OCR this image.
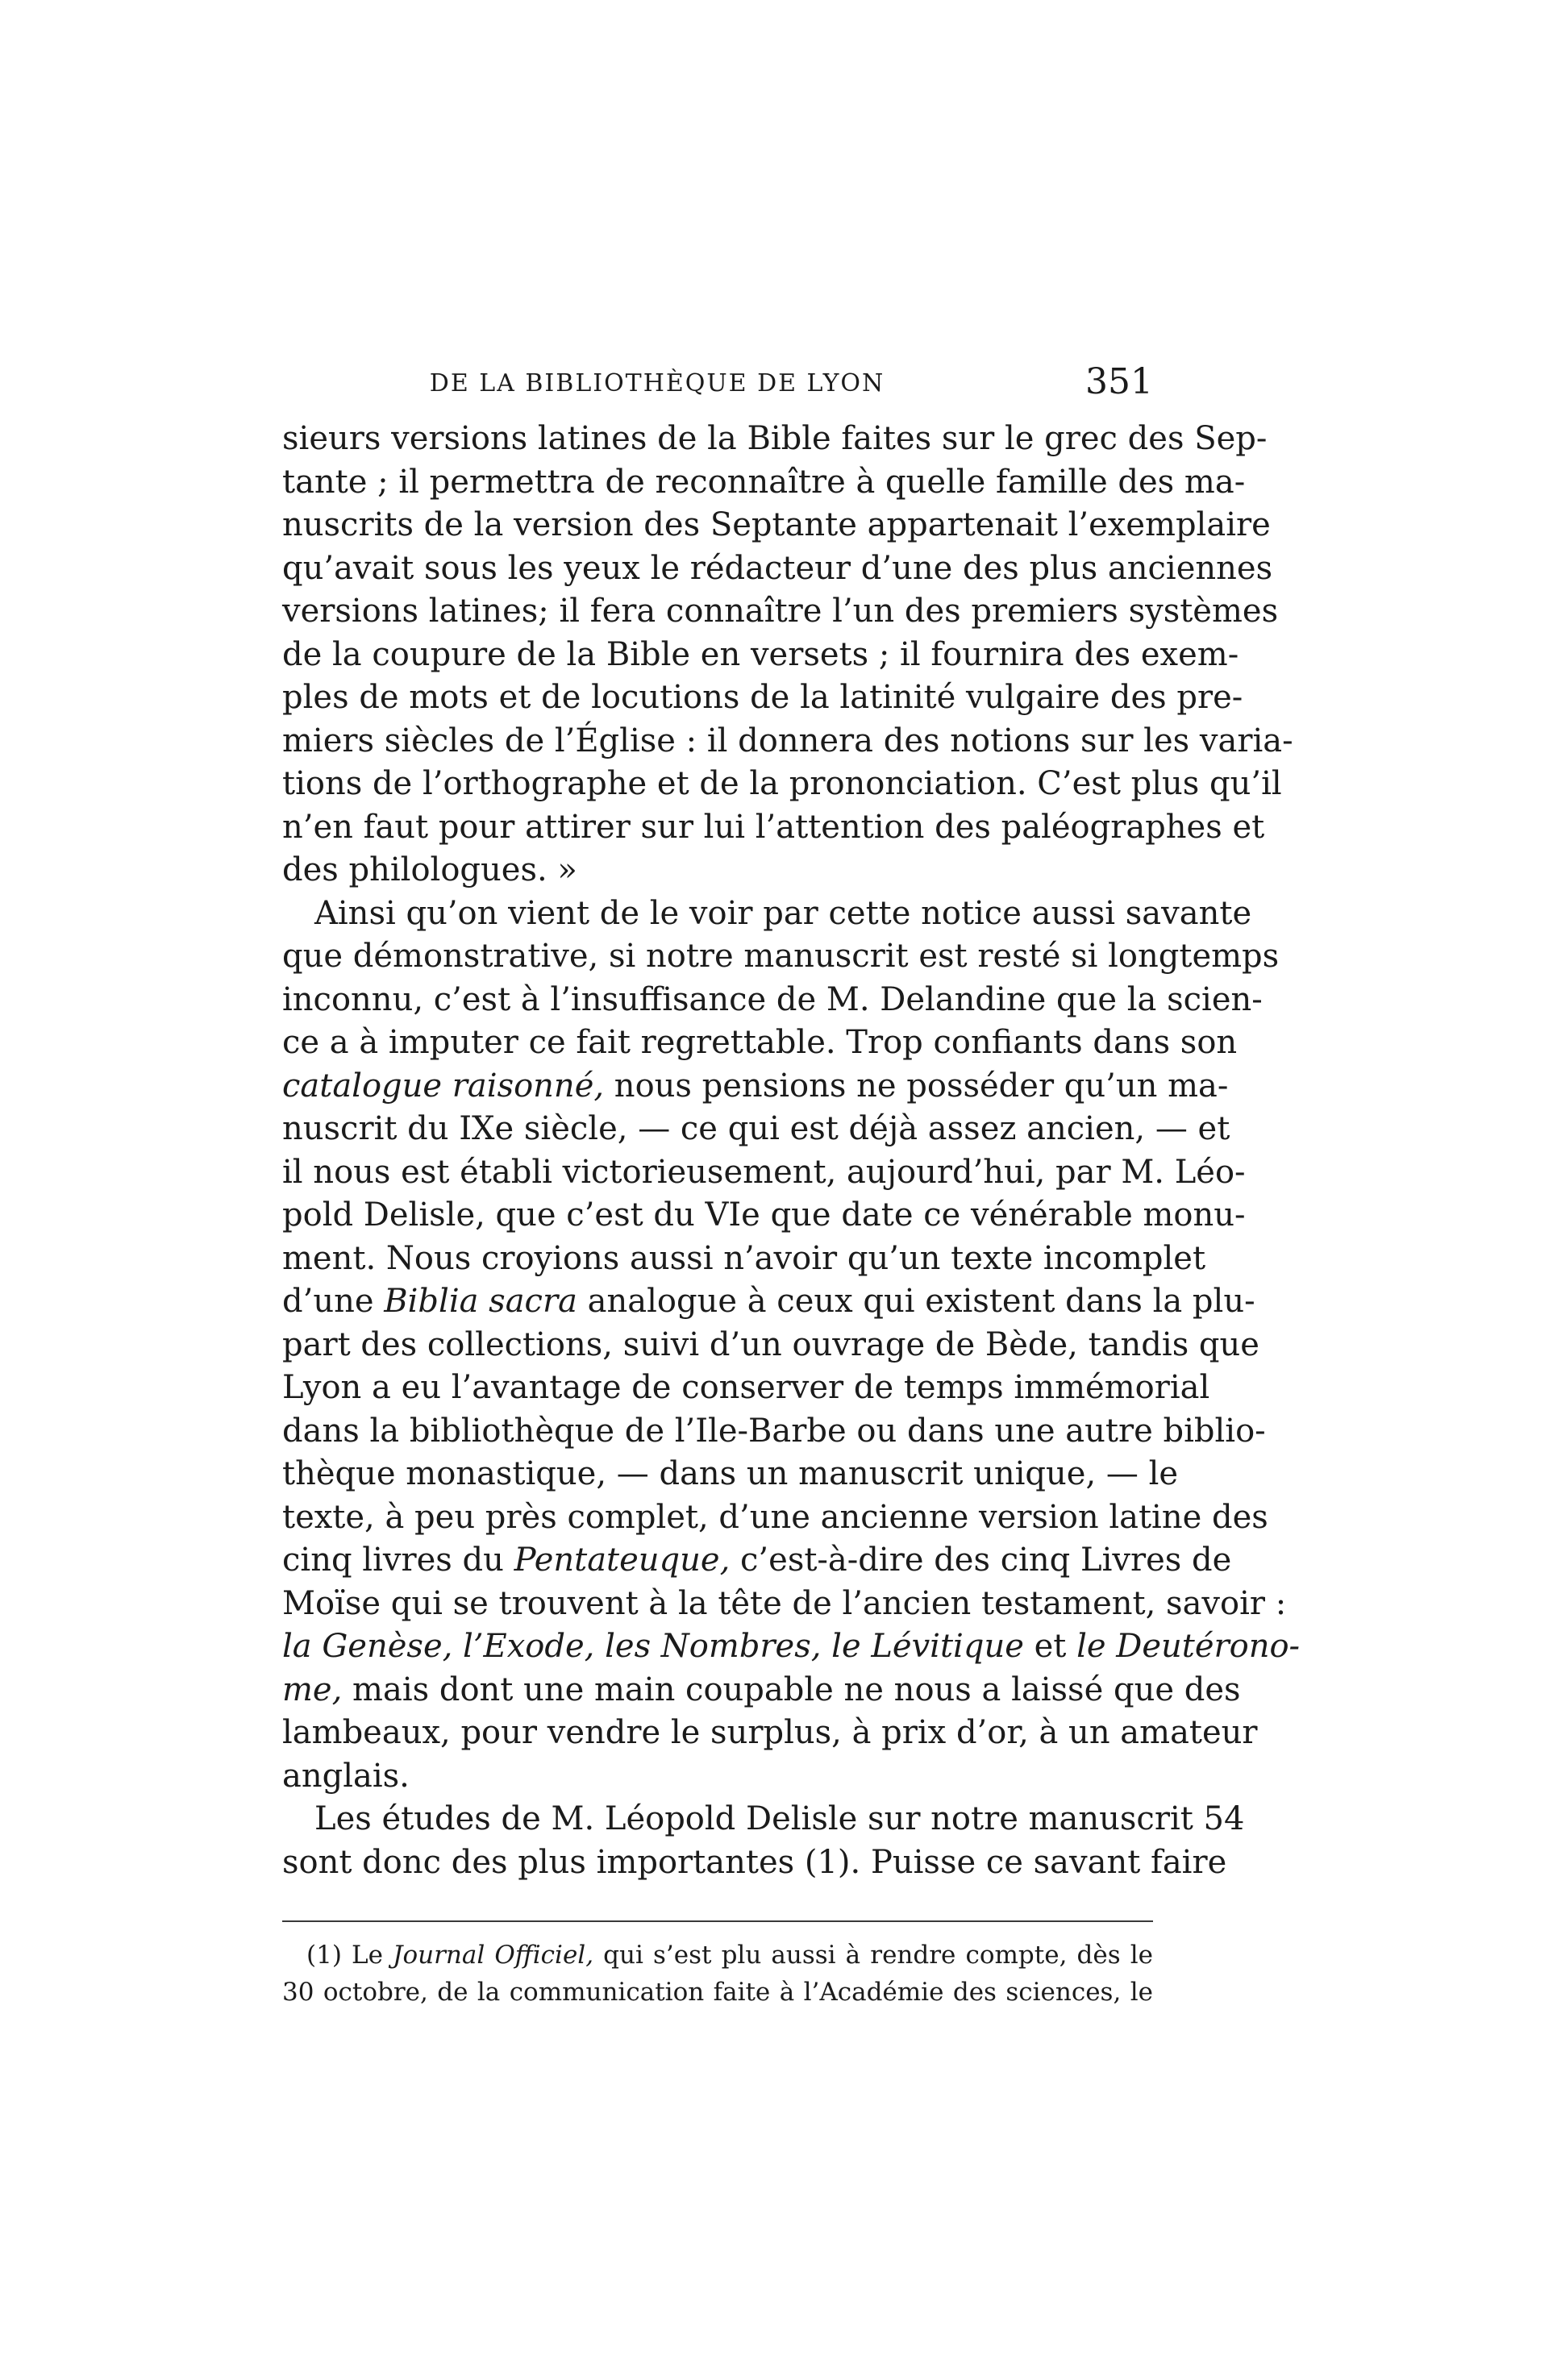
DE LA BIBLIOTHÈQUE DE LYON	351
sieurs versions latines de la Bible faites sur le grec des Sep-
tante ; il permettra de reconnaître à quelle famille des ma-
nuscrits de la version des Septante appartenait l’exemplaire
qu’avait sous les yeux le rédacteur d’une des plus anciennes
versions latines; il fera connaître l’un des premiers systèmes
de la coupure de la Bible en versets ; il fournira des exem-
ples de mots et de locutions de la latinité vulgaire des pre-
miers siècles de l’Église : il donnera des notions sur les varia-
tions de l’orthographe et de la prononciation. C’est plus qu’il
n’en faut pour attirer sur lui l’attention des paléographes et
des philologues. »
Ainsi qu’on vient de le voir par cette notice aussi savante
que démonstrative, si notre manuscrit est resté si longtemps
inconnu, c’est à l’insuffisance de M. Delandine que la scien-
ce a à imputer ce fait regrettable. Trop confiants dans son
catalogue raisonné, nous pensions ne posséder qu’un ma-
nuscrit du IXe siècle, — ce qui est déjà assez ancien, — et
il nous est établi victorieusement, aujourd’hui, par M. Léo-
pold Delisle, que c’est du VIe que date ce vénérable monu-
ment. Nous croyions aussi n’avoir qu’un texte incomplet
d’une Biblia sacra analogue à ceux qui existent dans la plu-
part des collections, suivi d’un ouvrage de Bède, tandis que
Lyon a eu l’avantage de conserver de temps immémorial
dans la bibliothèque de l’Ile-Barbe ou dans une autre biblio-
thèque monastique, — dans un manuscrit unique, — le
texte, à peu près complet, d’une ancienne version latine des
cinq livres du Pentateuque, c’est-à-dire des cinq Livres de
Moïse qui se trouvent à la tête de l’ancien testament, savoir :
la Genèse, l’Exode, les Nombres, le Lévitique et le Deutérono-
me, mais dont une main coupable ne nous a laissé que des
lambeaux, pour vendre le surplus, à prix d’or, à un amateur
anglais.
Les études de M. Léopold Delisle sur notre manuscrit 54
sont donc des plus importantes (1). Puisse ce savant faire
(1) Le Journal Officiel, qui s’est plu aussi à rendre compte, dès le
30 octobre, de la communication faite à l’Académie des sciences, le
